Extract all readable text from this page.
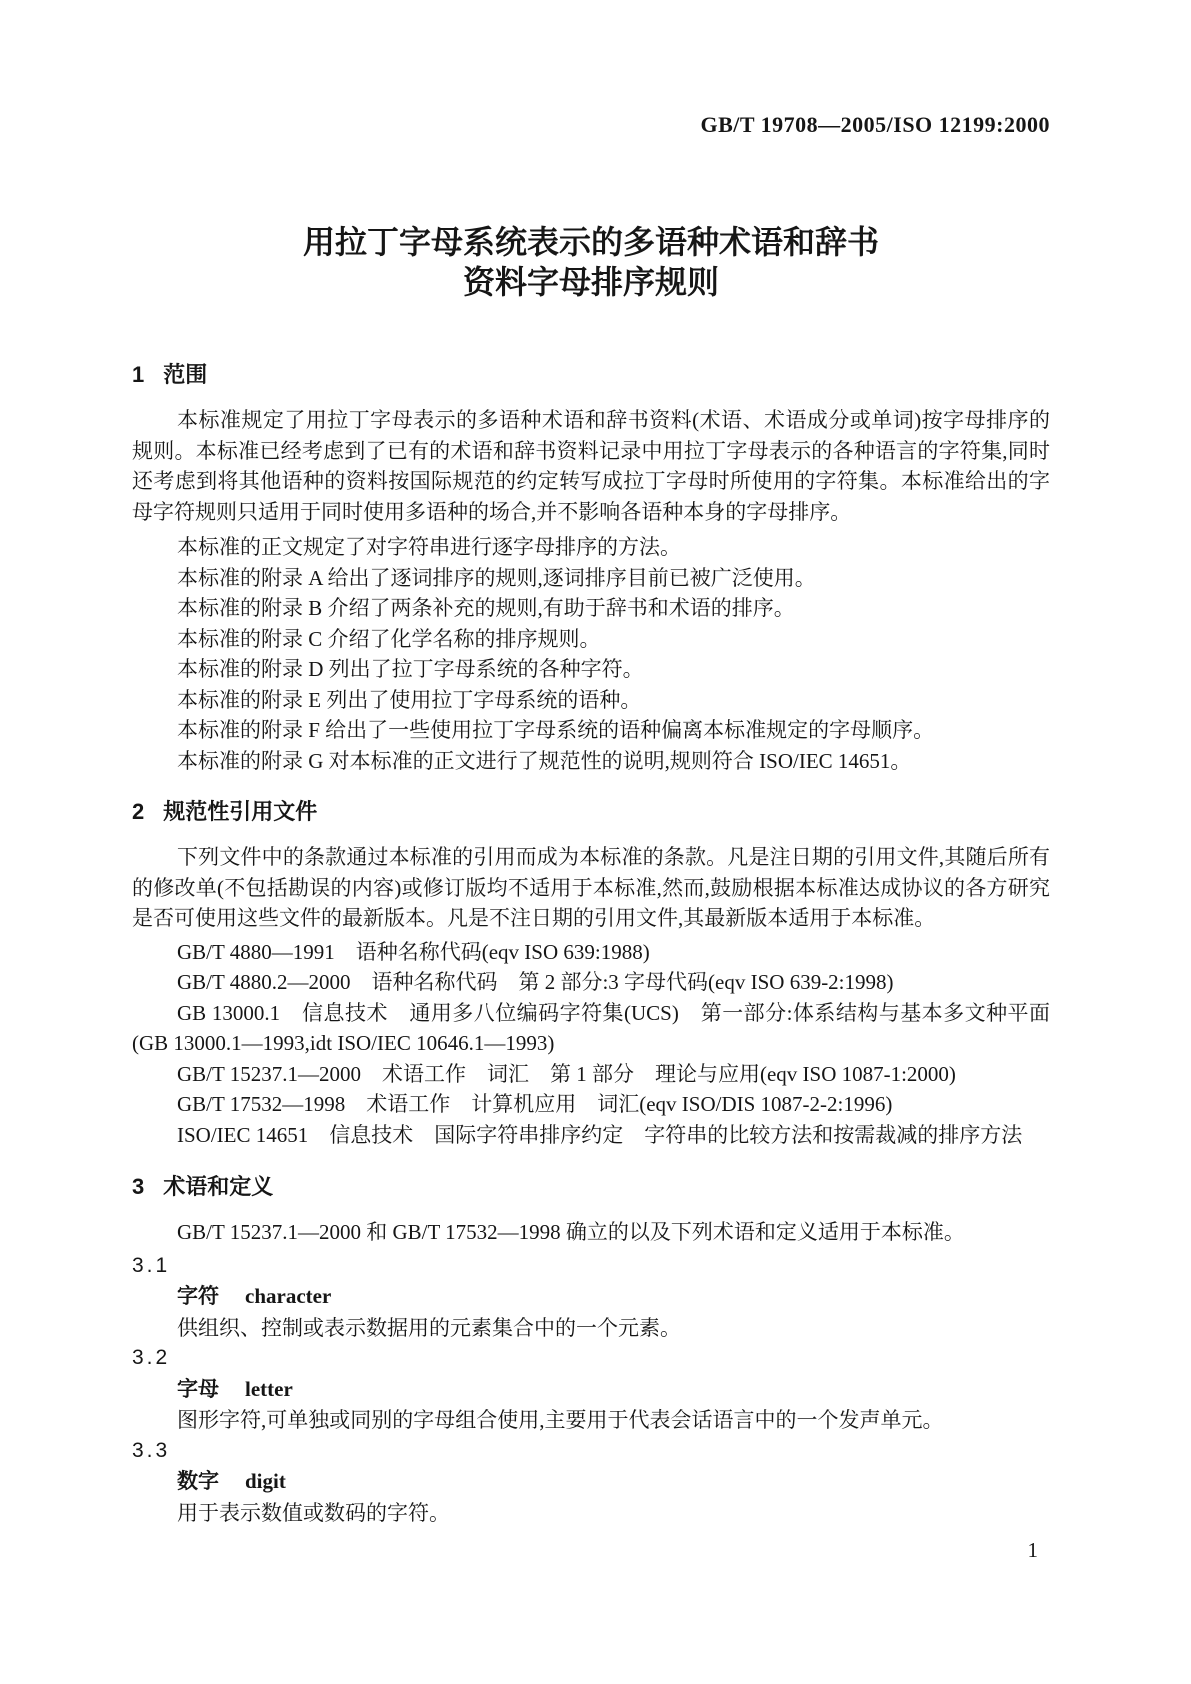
GB/T 19708—2005/ISO 12199:2000
用拉丁字母系统表示的多语种术语和辞书
资料字母排序规则
1 范围

本标准规定了用拉丁字母表示的多语种术语和辞书资料(术语、术语成分或单词)按字母排序的规则。本标准已经考虑到了已有的术语和辞书资料记录中用拉丁字母表示的各种语言的字符集,同时还考虑到将其他语种的资料按国际规范的约定转写成拉丁字母时所使用的字符集。本标准给出的字母字符规则只适用于同时使用多语种的场合,并不影响各语种本身的字母排序。

本标准的正文规定了对字符串进行逐字母排序的方法。

本标准的附录 A 给出了逐词排序的规则,逐词排序目前已被广泛使用。

本标准的附录 B 介绍了两条补充的规则,有助于辞书和术语的排序。

本标准的附录 C 介绍了化学名称的排序规则。

本标准的附录 D 列出了拉丁字母系统的各种字符。

本标准的附录 E 列出了使用拉丁字母系统的语种。

本标准的附录 F 给出了一些使用拉丁字母系统的语种偏离本标准规定的字母顺序。

本标准的附录 G 对本标准的正文进行了规范性的说明,规则符合 ISO/IEC 14651。

2 规范性引用文件

下列文件中的条款通过本标准的引用而成为本标准的条款。凡是注日期的引用文件,其随后所有的修改单(不包括勘误的内容)或修订版均不适用于本标准,然而,鼓励根据本标准达成协议的各方研究是否可使用这些文件的最新版本。凡是不注日期的引用文件,其最新版本适用于本标准。

GB/T 4880—1991　语种名称代码(eqv ISO 639:1988)

GB/T 4880.2—2000　语种名称代码　第 2 部分:3 字母代码(eqv ISO 639-2:1998)

GB 13000.1　信息技术　通用多八位编码字符集(UCS)　第一部分:体系结构与基本多文种平面(GB 13000.1—1993,idt ISO/IEC 10646.1—1993)

GB/T 15237.1—2000　术语工作　词汇　第 1 部分　理论与应用(eqv ISO 1087-1:2000)

GB/T 17532—1998　术语工作　计算机应用　词汇(eqv ISO/DIS 1087-2-2:1996)

ISO/IEC 14651　信息技术　国际字符串排序约定　字符串的比较方法和按需裁减的排序方法

3 术语和定义

GB/T 15237.1—2000 和 GB/T 17532—1998 确立的以及下列术语和定义适用于本标准。

3.1

字符 character

供组织、控制或表示数据用的元素集合中的一个元素。

3.2

字母 letter

图形字符,可单独或同别的字母组合使用,主要用于代表会话语言中的一个发声单元。

3.3

数字 digit

用于表示数值或数码的字符。

1
